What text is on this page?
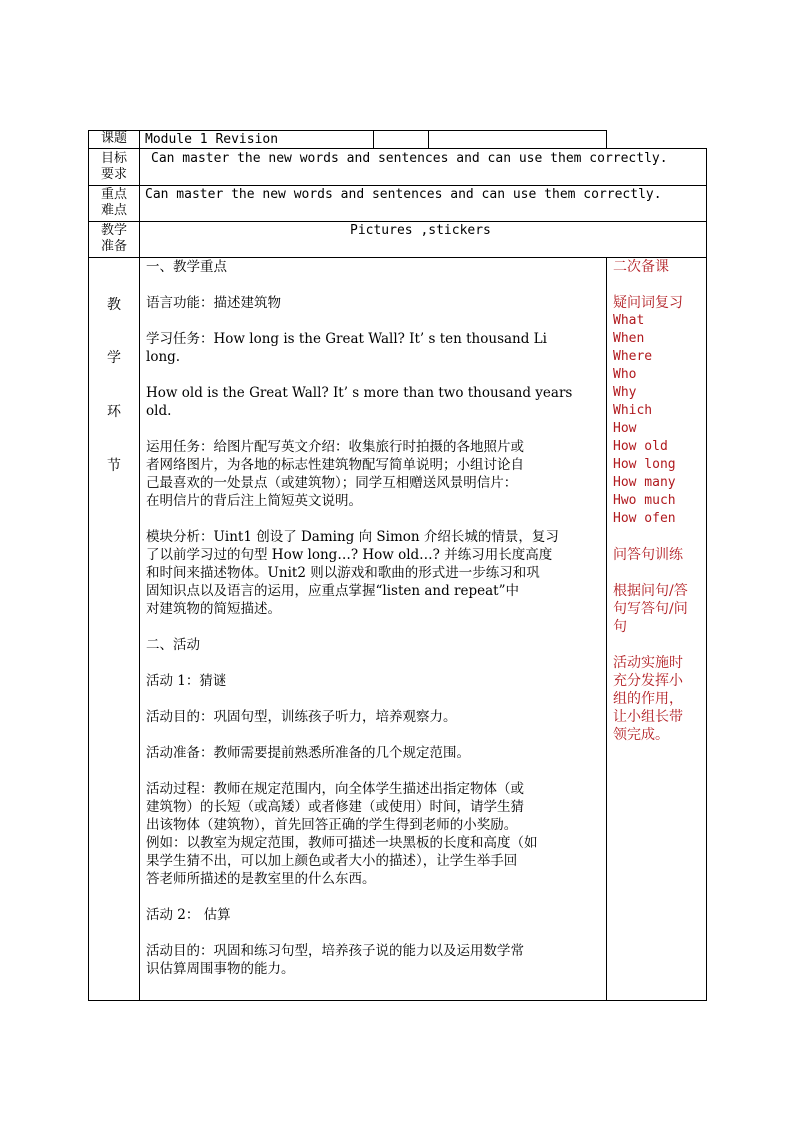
课题	Module 1 Revision
目标
要求
Can master the new words and sentences and can use them correctly.
重点
难点
Can master the new words and sentences and can use them correctly.
教学
准备
Pictures ,stickers
教
学
环
节

一、教学重点

语言功能：描述建筑物

学习任务：How long is the Great Wall? It’ s ten thousand Li

long.

How old is the Great Wall? It’ s more than two thousand years

old.

运用任务：给图片配写英文介绍：收集旅行时拍摄的各地照片或

者网络图片，为各地的标志性建筑物配写简单说明；小组讨论自

己最喜欢的一处景点（或建筑物）；同学互相赠送风景明信片：

在明信片的背后注上简短英文说明。

模块分析：Uint1 创设了 Daming 向 Simon 介绍长城的情景，复习

了以前学习过的句型 How long…? How old…? 并练习用长度高度

和时间来描述物体。Unit2 则以游戏和歌曲的形式进一步练习和巩

固知识点以及语言的运用，应重点掌握“listen and repeat”中

对建筑物的简短描述。

二、活动

活动 1：猜谜

活动目的：巩固句型，训练孩子听力，培养观察力。

活动准备：教师需要提前熟悉所准备的几个规定范围。

活动过程：教师在规定范围内，向全体学生描述出指定物体（或

建筑物）的长短（或高矮）或者修建（或使用）时间，请学生猜

出该物体（建筑物），首先回答正确的学生得到老师的小奖励。

例如：以教室为规定范围，教师可描述一块黑板的长度和高度（如

果学生猜不出，可以加上颜色或者大小的描述），让学生举手回

答老师所描述的是教室里的什么东西。

活动 2： 估算

活动目的：巩固和练习句型，培养孩子说的能力以及运用数学常

识估算周围事物的能力。

二次备课
疑问词复习
What
When
Where
Who
Why
Which
How
How old
How long
How many
Hwo much
How ofen
问答句训练
根据问句/答
句写答句/问
句
活动实施时
充分发挥小
组的作用，
让小组长带
领完成。
